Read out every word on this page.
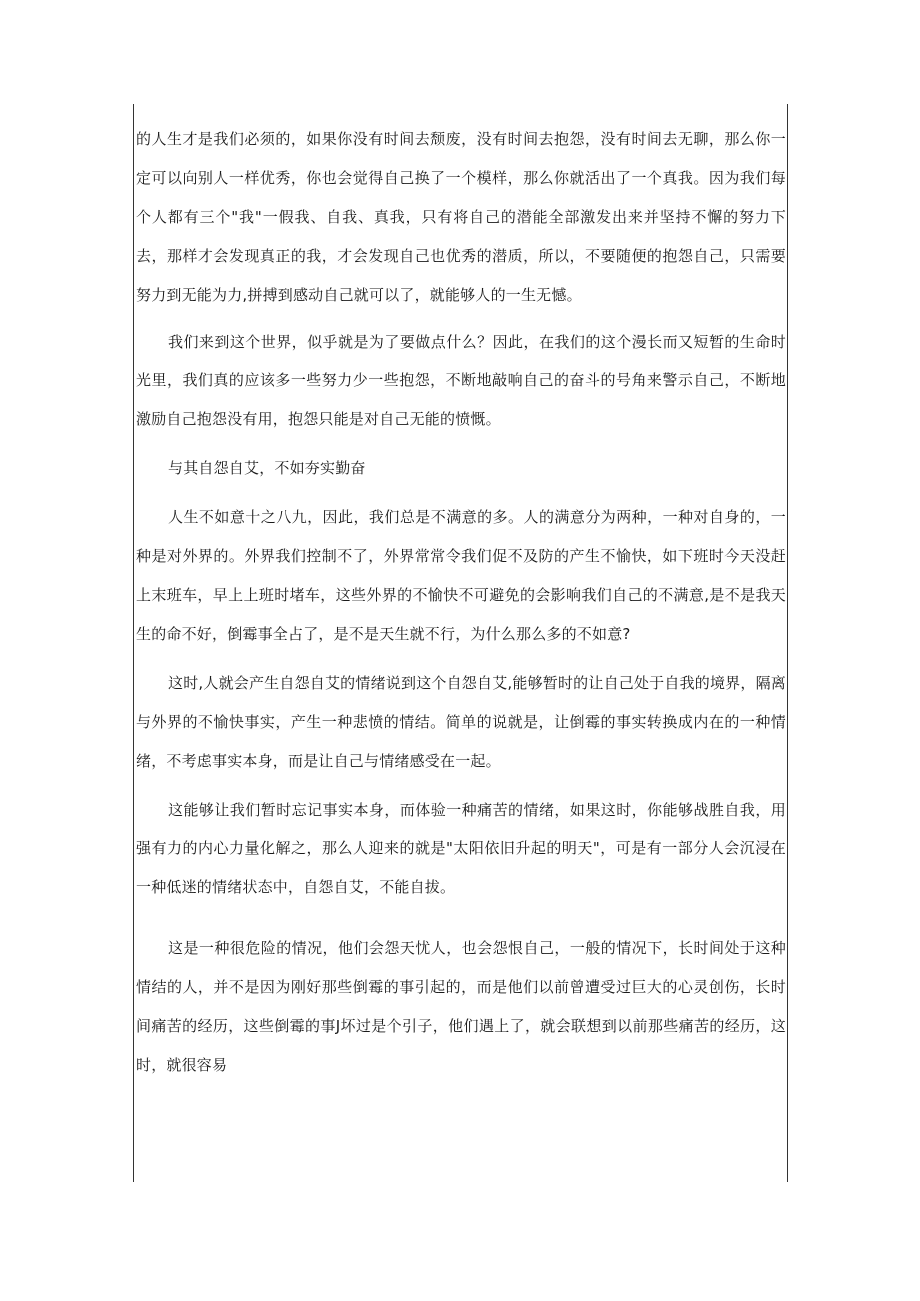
的人生才是我们必须的，如果你没有时间去颓废，没有时间去抱怨，没有时间去无聊，那么你一定可以向别人一样优秀，你也会觉得自己换了一个模样，那么你就活出了一个真我。因为我们每个人都有三个"我"一假我、自我、真我，只有将自己的潜能全部激发出来并坚持不懈的努力下去，那样才会发现真正的我，才会发现自己也优秀的潜质，所以，不要随便的抱怨自己，只需要努力到无能为力,拼搏到感动自己就可以了，就能够人的一生无憾。

我们来到这个世界，似乎就是为了要做点什么？因此，在我们的这个漫长而又短暂的生命时光里，我们真的应该多一些努力少一些抱怨，不断地敲响自己的奋斗的号角来警示自己，不断地激励自己抱怨没有用，抱怨只能是对自己无能的愤慨。

与其自怨自艾，不如夯实勤奋

人生不如意十之八九，因此，我们总是不满意的多。人的满意分为两种，一种对自身的，一种是对外界的。外界我们控制不了，外界常常令我们促不及防的产生不愉快，如下班时今天没赶上末班车，早上上班时堵车，这些外界的不愉快不可避免的会影响我们自己的不满意,是不是我天生的命不好，倒霉事全占了，是不是天生就不行，为什么那么多的不如意?

这时,人就会产生自怨自艾的情绪说到这个自怨自艾,能够暂时的让自己处于自我的境界，隔离与外界的不愉快事实，产生一种悲愤的情结。简单的说就是，让倒霉的事实转换成内在的一种情绪，不考虑事实本身，而是让自己与情绪感受在一起。

这能够让我们暂时忘记事实本身，而体验一种痛苦的情绪，如果这时，你能够战胜自我，用强有力的内心力量化解之，那么人迎来的就是"太阳依旧升起的明天"，可是有一部分人会沉浸在一种低迷的情绪状态中，自怨自艾，不能自拔。

这是一种很危险的情况，他们会怨天忧人，也会怨恨自己，一般的情况下，长时间处于这种情结的人，并不是因为刚好那些倒霉的事引起的，而是他们以前曾遭受过巨大的心灵创伤，长时间痛苦的经历，这些倒霉的事J坏过是个引子，他们遇上了，就会联想到以前那些痛苦的经历，这时，就很容易
